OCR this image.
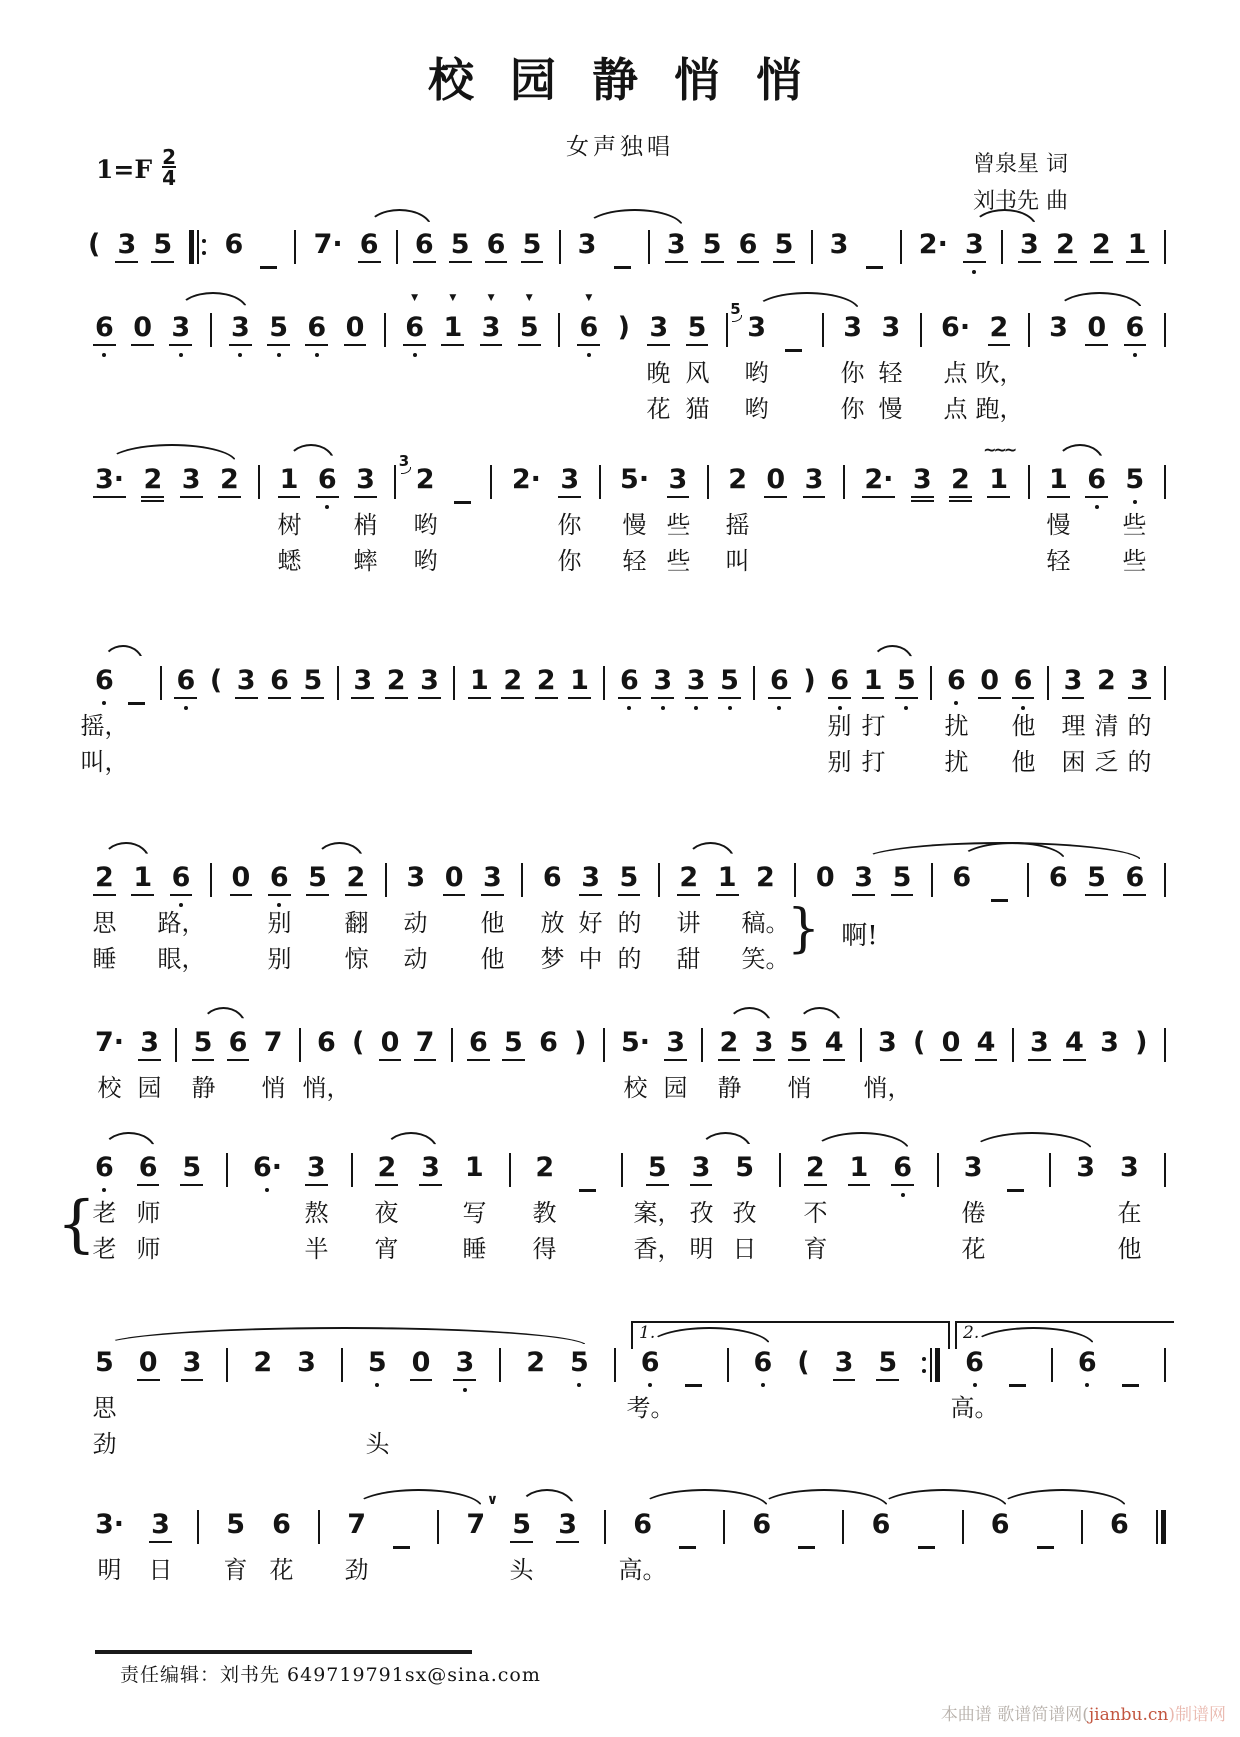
校 园 静 悄 悄
女声独唱
$1=F \frac{2}{4}$	曾泉星 词
刘书先 曲
( 3 5 6	7· 6 6 5 6 5 3	3 5 6 5 3	2· 3 3 2 2 1
6 0 3 3 5 6 0 6
▼
1
▼
3
▼
5
▼
6
▼
) 3 5 3
5
3 3 6· 2 3 0 6
晚 风 哟	你 轻 点 吹，
花 猫 哟	你 慢 点 跑，
3· 2 3 2 1 6 3 2
3
2· 3 5· 3 2 0 3 2· 3 2 1
~~~
1 6 5
树 梢 哟	你 慢 些 摇	慢 些
蟋 蟀 哟	你 轻 些 叫	轻 些
6 6 ( 3 6 5 3 2 3 1 2 2 1 6 3 3 5 6 ) 6 1 5 6 0 6 3 2 3
摇，	别 打 扰 他 理 清 的
叫，	别 打 扰 他 困 乏 的
2 1 6 0 6 5 2 3 0 3 6 3 5 2 1 2 0 3 5 6	6 5 6
思 路，	别 翻 动 他 放 好 的 讲 稿。
睡 眼，	别 惊 动 他 梦 中 的 甜 笑。
} 啊!
7· 3 5 6 7 6 ( 0 7 6 5 6 ) 5· 3 2 3 5 4 3 ( 0 4 3 4 3 )
校 园 静 悄 悄，	校 园 静 悄 悄，
6 6 5 6· 3 2 3 1 2	5 3 5 2 1 6 3	3 3
老 师	熬 夜	写 教	案， 孜 孜 不	倦	在
老 师	半 宵	睡 得	香， 明 日 育	花	他
{
5 0 3 2 3 5 0 3 2 5 6	6 ( 3 5	6	6
1.	2.
思	考。	高。
劲	头
3· 3 5 6 7	7
∨
5 3 6	6	6	6	6
明 日 育 花 劲	头	高。
责任编辑：刘书先 649719791sx@sina.com
本曲谱 歌谱简谱网(jianbu.cn)制谱网
